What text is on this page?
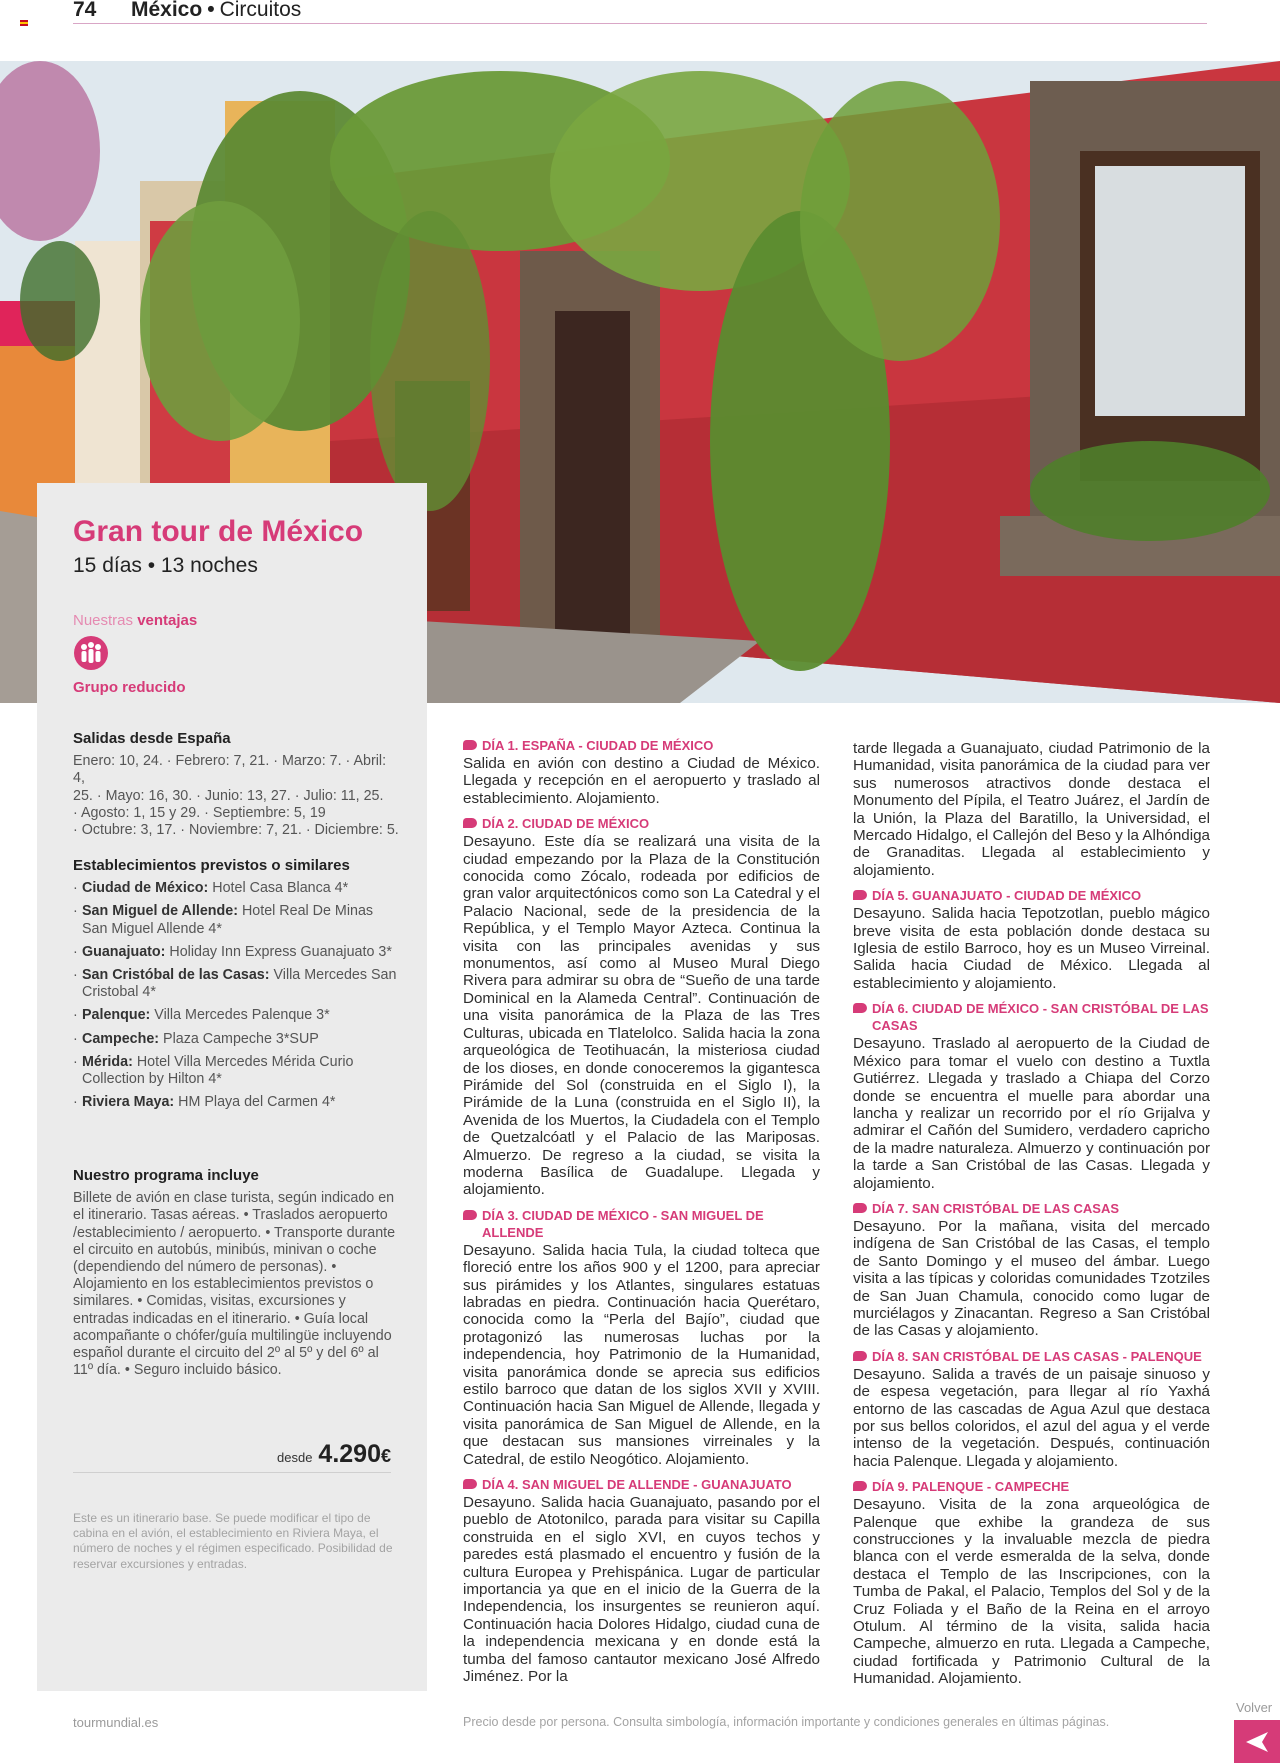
74 México • Circuitos
Gran tour de México
15 días • 13 noches
Nuestras ventajas
Grupo reducido
Salidas desde España
Enero: 10, 24. · Febrero: 7, 21. · Marzo: 7. · Abril: 4,
25. · Mayo: 16, 30. · Junio: 13, 27. · Julio: 11, 25.
· Agosto: 1, 15 y 29. · Septiembre: 5, 19
· Octubre: 3, 17. · Noviembre: 7, 21. · Diciembre: 5.
Establecimientos previstos o similares
· Ciudad de México: Hotel Casa Blanca 4*
· San Miguel de Allende: Hotel Real De Minas San Miguel Allende 4*
· Guanajuato: Holiday Inn Express Guanajuato 3*
· San Cristóbal de las Casas: Villa Mercedes San Cristobal 4*
· Palenque: Villa Mercedes Palenque 3*
· Campeche: Plaza Campeche 3*SUP
· Mérida: Hotel Villa Mercedes Mérida Curio Collection by Hilton 4*
· Riviera Maya: HM Playa del Carmen 4*
Nuestro programa incluye

Billete de avión en clase turista, según indicado en el itinerario. Tasas aéreas. • Traslados aeropuerto /establecimiento / aeropuerto. • Transporte durante el circuito en autobús, minibús, minivan o coche (dependiendo del número de personas). • Alojamiento en los establecimientos previstos o similares. • Comidas, visitas, excursiones y entradas indicadas en el itinerario. • Guía local acompañante o chófer/guía multilingüe incluyendo español durante el circuito del 2º al 5º y del 6º al 11º día. • Seguro incluido básico.

desde 4.290€

Este es un itinerario base. Se puede modificar el tipo de cabina en el avión, el establecimiento en Riviera Maya, el número de noches y el régimen especificado. Posibilidad de reservar excursiones y entradas.

DÍA 1. ESPAÑA - CIUDAD DE MÉXICO

Salida en avión con destino a Ciudad de México. Llegada y recepción en el aeropuerto y traslado al establecimiento. Alojamiento.

DÍA 2. CIUDAD DE MÉXICO

Desayuno. Este día se realizará una visita de la ciudad empezando por la Plaza de la Constitución conocida como Zócalo, rodeada por edificios de gran valor arquitectónicos como son La Catedral y el Palacio Nacional, sede de la presidencia de la República, y el Templo Mayor Azteca. Continua la visita con las principales avenidas y sus monumentos, así como al Museo Mural Diego Rivera para admirar su obra de “Sueño de una tarde Dominical en la Alameda Central”. Continuación de una visita panorámica de la Plaza de las Tres Culturas, ubicada en Tlatelolco. Salida hacia la zona arqueológica de Teotihuacán, la misteriosa ciudad de los dioses, en donde conoceremos la gigantesca Pirámide del Sol (construida en el Siglo I), la Pirámide de la Luna (construida en el Siglo II), la Avenida de los Muertos, la Ciudadela con el Templo de Quetzalcóatl y el Palacio de las Mariposas. Almuerzo. De regreso a la ciudad, se visita la moderna Basílica de Guadalupe. Llegada y alojamiento.

DÍA 3. CIUDAD DE MÉXICO - SAN MIGUEL DE ALLENDE

Desayuno. Salida hacia Tula, la ciudad tolteca que floreció entre los años 900 y el 1200, para apreciar sus pirámides y los Atlantes, singulares estatuas labradas en piedra. Continuación hacia Querétaro, conocida como la “Perla del Bajío”, ciudad que protagonizó las numerosas luchas por la independencia, hoy Patrimonio de la Humanidad, visita panorámica donde se aprecia sus edificios estilo barroco que datan de los siglos XVII y XVIII. Continuación hacia San Miguel de Allende, llegada y visita panorámica de San Miguel de Allende, en la que destacan sus mansiones virreinales y la Catedral, de estilo Neogótico. Alojamiento.

DÍA 4. SAN MIGUEL DE ALLENDE - GUANAJUATO

Desayuno. Salida hacia Guanajuato, pasando por el pueblo de Atotonilco, parada para visitar su Capilla construida en el siglo XVI, en cuyos techos y paredes está plasmado el encuentro y fusión de la cultura Europea y Prehispánica. Lugar de particular importancia ya que en el inicio de la Guerra de la Independencia, los insurgentes se reunieron aquí. Continuación hacia Dolores Hidalgo, ciudad cuna de la independencia mexicana y en donde está la tumba del famoso cantautor mexicano José Alfredo Jiménez. Por la

tarde llegada a Guanajuato, ciudad Patrimonio de la Humanidad, visita panorámica de la ciudad para ver sus numerosos atractivos donde destaca el Monumento del Pípila, el Teatro Juárez, el Jardín de la Unión, la Plaza del Baratillo, la Universidad, el Mercado Hidalgo, el Callejón del Beso y la Alhóndiga de Granaditas. Llegada al establecimiento y alojamiento.

DÍA 5. GUANAJUATO - CIUDAD DE MÉXICO

Desayuno. Salida hacia Tepotzotlan, pueblo mágico breve visita de esta población donde destaca su Iglesia de estilo Barroco, hoy es un Museo Virreinal. Salida hacia Ciudad de México. Llegada al establecimiento y alojamiento.

DÍA 6. CIUDAD DE MÉXICO - SAN CRISTÓBAL DE LAS CASAS

Desayuno. Traslado al aeropuerto de la Ciudad de México para tomar el vuelo con destino a Tuxtla Gutiérrez. Llegada y traslado a Chiapa del Corzo donde se encuentra el muelle para abordar una lancha y realizar un recorrido por el río Grijalva y admirar el Cañón del Sumidero, verdadero capricho de la madre naturaleza. Almuerzo y continuación por la tarde a San Cristóbal de las Casas. Llegada y alojamiento.

DÍA 7. SAN CRISTÓBAL DE LAS CASAS

Desayuno. Por la mañana, visita del mercado indígena de San Cristóbal de las Casas, el templo de Santo Domingo y el museo del ámbar. Luego visita a las típicas y coloridas comunidades Tzotziles de San Juan Chamula, conocido como lugar de murciélagos y Zinacantan. Regreso a San Cristóbal de las Casas y alojamiento.

DÍA 8. SAN CRISTÓBAL DE LAS CASAS - PALENQUE

Desayuno. Salida a través de un paisaje sinuoso y de espesa vegetación, para llegar al río Yaxhá entorno de las cascadas de Agua Azul que destaca por sus bellos coloridos, el azul del agua y el verde intenso de la vegetación. Después, continuación hacia Palenque. Llegada y alojamiento.

DÍA 9. PALENQUE - CAMPECHE

Desayuno. Visita de la zona arqueológica de Palenque que exhibe la grandeza de sus construcciones y la invaluable mezcla de piedra blanca con el verde esmeralda de la selva, donde destaca el Templo de las Inscripciones, con la Tumba de Pakal, el Palacio, Templos del Sol y de la Cruz Foliada y el Baño de la Reina en el arroyo Otulum. Al término de la visita, salida hacia Campeche, almuerzo en ruta. Llegada a Campeche, ciudad fortificada y Patrimonio Cultural de la Humanidad. Alojamiento.

tourmundial.es	Precio desde por persona. Consulta simbología, información importante y condiciones generales en últimas páginas.
Volver
